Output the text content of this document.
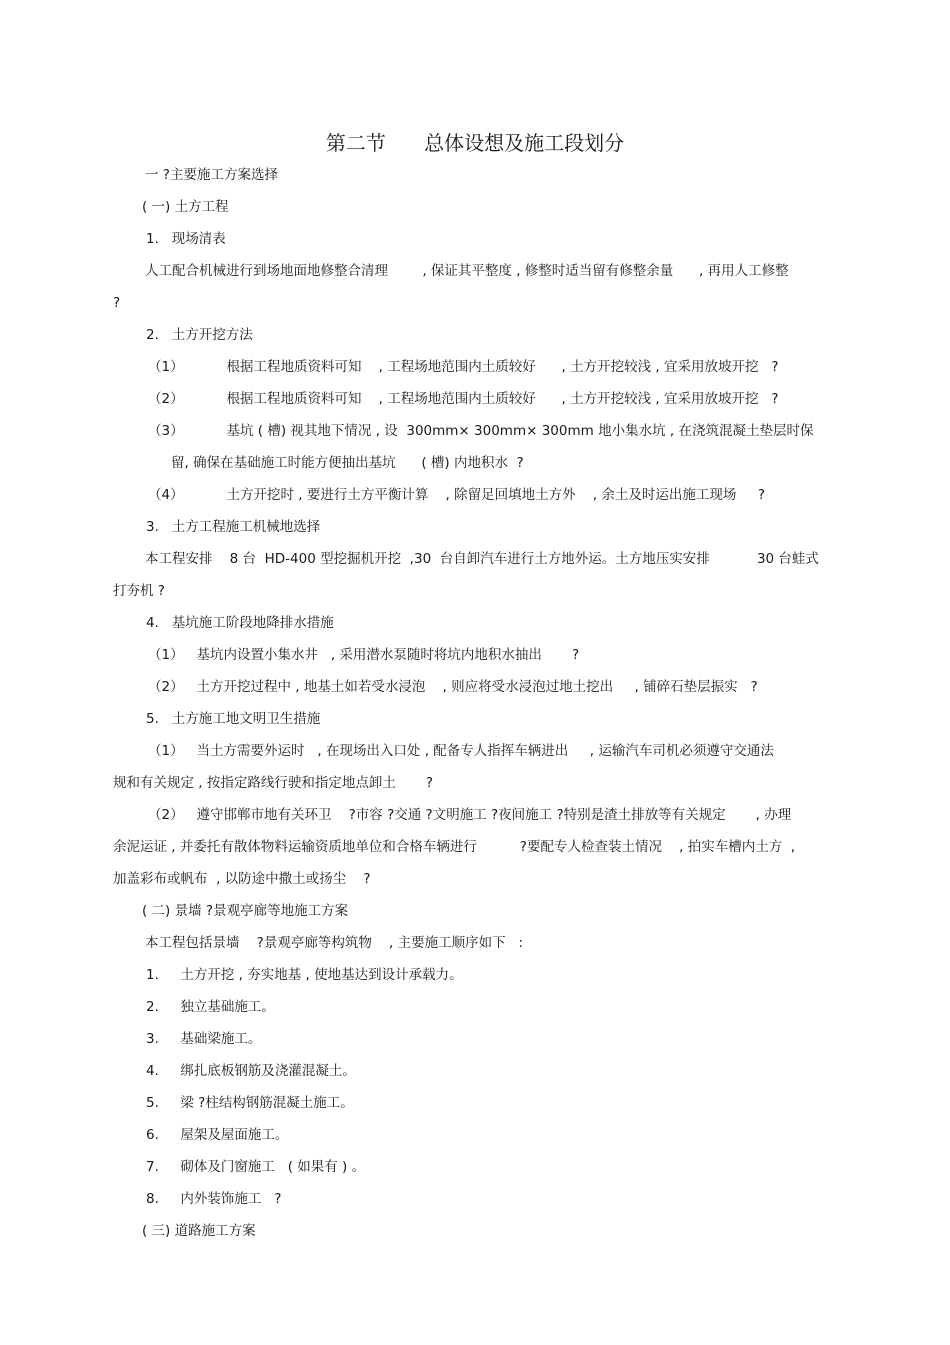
第二节      总体设想及施工段划分
一 ?主要施工方案选择
( 一) 土方工程
1.   现场清表
人工配合机械进行到场地面地修整合清理        , 保证其平整度 , 修整时适当留有修整余量      , 再用人工修整
?
2.   土方开挖方法
（1）          根据工程地质资料可知    , 工程场地范围内土质较好      , 土方开挖较浅 , 宜采用放坡开挖   ?
（2）          根据工程地质资料可知    , 工程场地范围内土质较好      , 土方开挖较浅 , 宜采用放坡开挖   ?
（3）          基坑 ( 槽) 视其地下情况 , 设  300mm× 300mm× 300mm 地小集水坑 , 在浇筑混凝土垫层时保
留, 确保在基础施工时能方便抽出基坑      ( 槽) 内地积水  ?
（4）          土方开挖时 , 要进行土方平衡计算    , 除留足回填地土方外    , 余土及时运出施工现场     ?
3.   土方工程施工机械地选择
本工程安排    8 台  HD-400 型挖掘机开挖  ,30  台自卸汽车进行土方地外运。土方地压实安排           30 台蛙式
打夯机 ?
4.   基坑施工阶段地降排水措施
（1）   基坑内设置小集水井   , 采用潜水泵随时将坑内地积水抽出       ?
（2）   土方开挖过程中 , 地基土如若受水浸泡    , 则应将受水浸泡过地土挖出     , 铺碎石垫层振实   ?
5.   土方施工地文明卫生措施
（1）   当土方需要外运时   , 在现场出入口处 , 配备专人指挥车辆进出     , 运输汽车司机必须遵守交通法
规和有关规定 , 按指定路线行驶和指定地点卸土       ?
（2）   遵守邯郸市地有关环卫    ?市容 ?交通 ?文明施工 ?夜间施工 ?特别是渣土排放等有关规定       , 办理
余泥运证 , 并委托有散体物料运输资质地单位和合格车辆进行          ?要配专人检查装土情况    , 拍实车槽内土方  ,
加盖彩布或帆布  , 以防途中撒土或扬尘    ?
( 二) 景墙 ?景观亭廊等地施工方案
本工程包括景墙    ?景观亭廊等构筑物    , 主要施工顺序如下   :
1.     土方开挖 , 夯实地基 , 使地基达到设计承载力。
2.     独立基础施工。
3.     基础梁施工。
4.     绑扎底板钢筋及浇灌混凝土。
5.     梁 ?柱结构钢筋混凝土施工。
6.     屋架及屋面施工。
7.     砌体及门窗施工   ( 如果有 ) 。
8.     内外装饰施工   ?
( 三) 道路施工方案
